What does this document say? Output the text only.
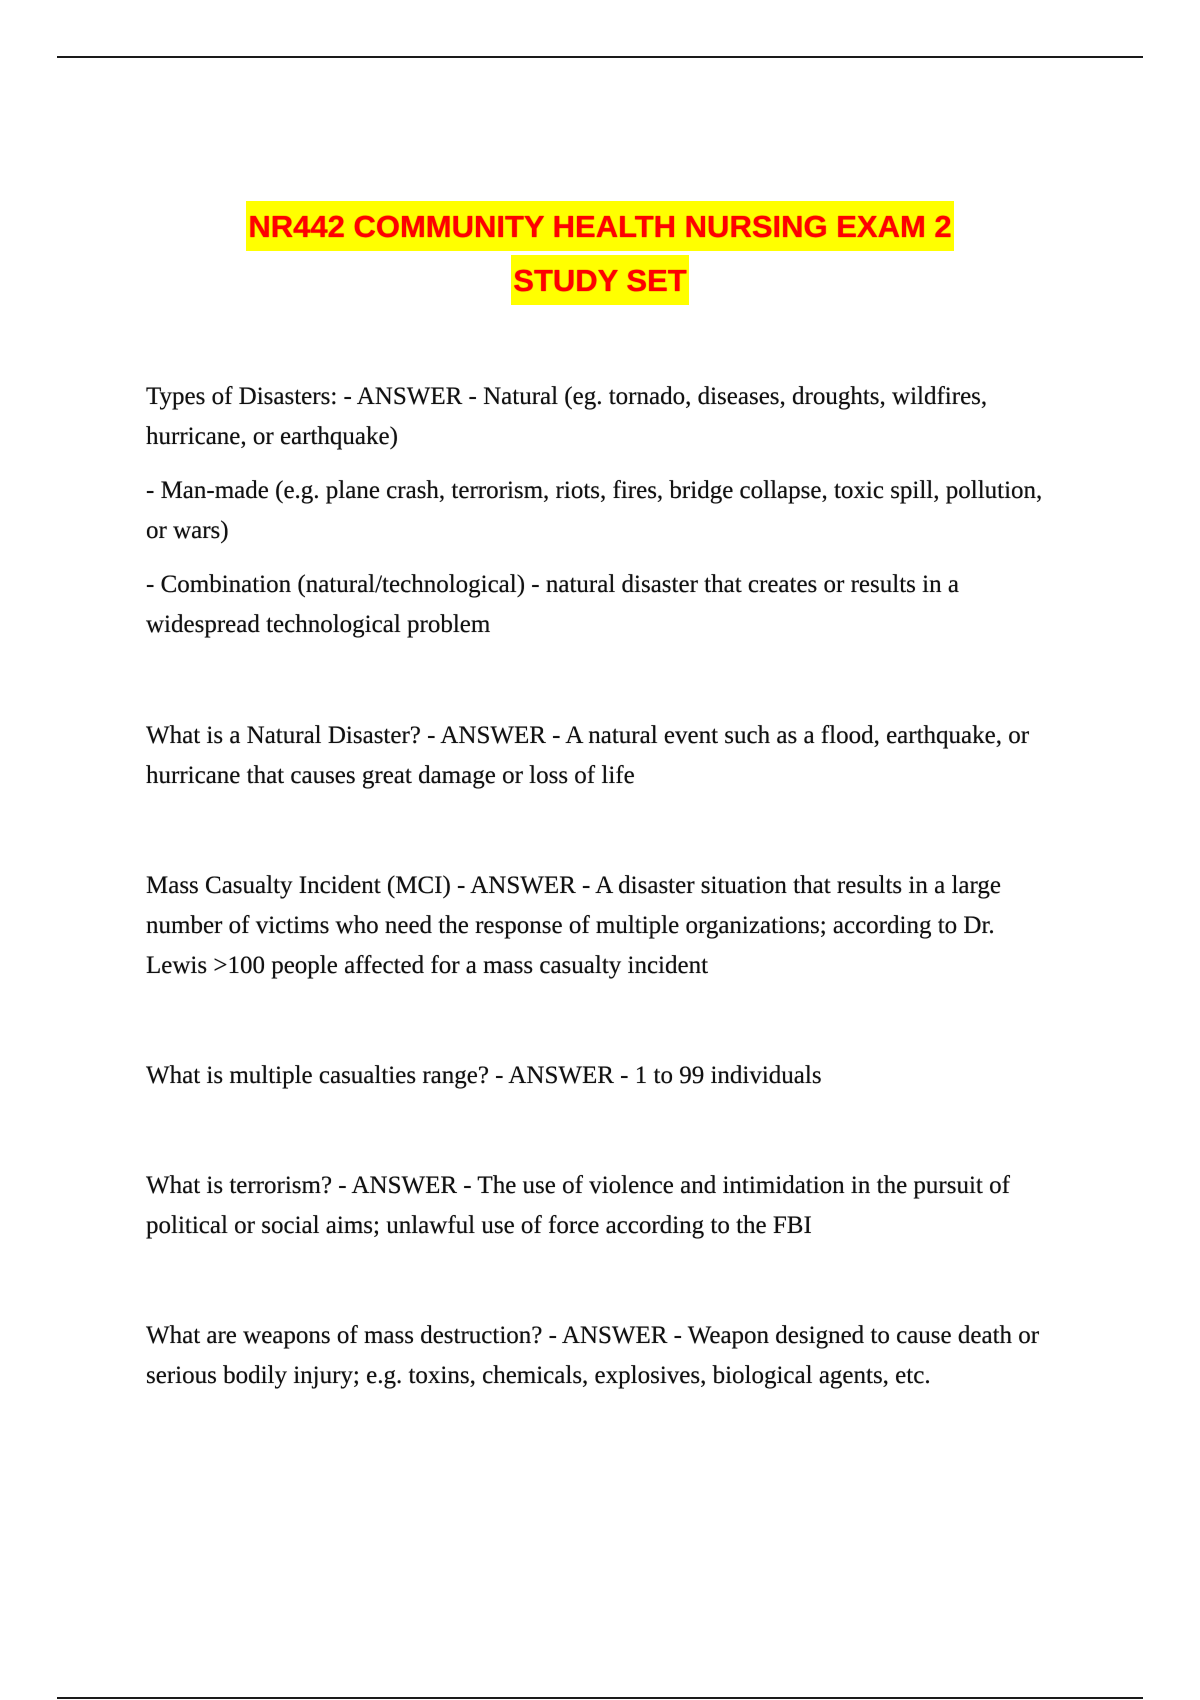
NR442 COMMUNITY HEALTH NURSING EXAM 2
STUDY SET

Types of Disasters: - ANSWER - Natural (eg. tornado, diseases, droughts, wildfires, hurricane, or earthquake)

- Man-made (e.g. plane crash, terrorism, riots, fires, bridge collapse, toxic spill, pollution, or wars)

- Combination (natural/technological) - natural disaster that creates or results in a widespread technological problem

What is a Natural Disaster? - ANSWER - A natural event such as a flood, earthquake, or hurricane that causes great damage or loss of life

Mass Casualty Incident (MCI) - ANSWER - A disaster situation that results in a large number of victims who need the response of multiple organizations; according to Dr. Lewis >100 people affected for a mass casualty incident

What is multiple casualties range? - ANSWER - 1 to 99 individuals

What is terrorism? - ANSWER - The use of violence and intimidation in the pursuit of political or social aims; unlawful use of force according to the FBI

What are weapons of mass destruction? - ANSWER - Weapon designed to cause death or serious bodily injury; e.g. toxins, chemicals, explosives, biological agents, etc.
